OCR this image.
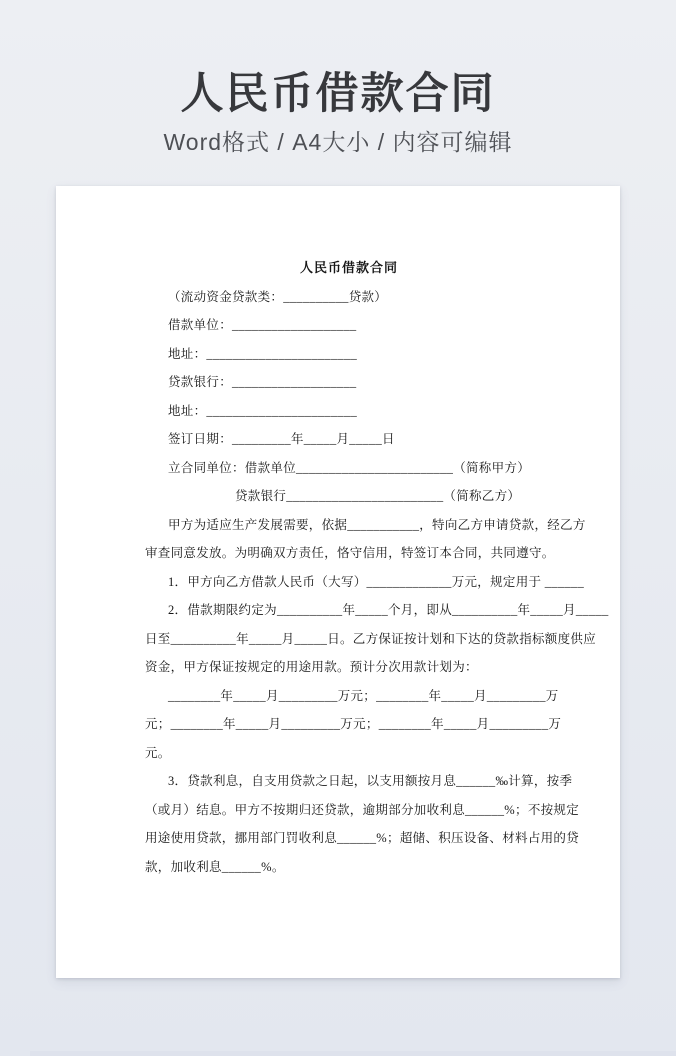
人民币借款合同

Word格式 / A4大小 / 内容可编辑

人民币借款合同
（流动资金贷款类：__________贷款）
借款单位：___________________
地址：_______________________
贷款银行：___________________
地址：_______________________
签订日期：_________年_____月_____日
立合同单位：借款单位________________________（简称甲方）
贷款银行________________________（简称乙方）
甲方为适应生产发展需要，依据___________，特向乙方申请贷款，经乙方
审查同意发放。为明确双方责任，恪守信用，特签订本合同，共同遵守。
1．甲方向乙方借款人民币（大写）_____________万元，规定用于 ______
2．借款期限约定为__________年_____个月，即从__________年_____月_____
日至__________年_____月_____日。乙方保证按计划和下达的贷款指标额度供应
资金，甲方保证按规定的用途用款。预计分次用款计划为：
________年_____月_________万元；________年_____月_________万
元；________年_____月_________万元；________年_____月_________万
元。
3．贷款利息，自支用贷款之日起，以支用额按月息______‰计算，按季
（或月）结息。甲方不按期归还贷款，逾期部分加收利息______%；不按规定
用途使用贷款，挪用部门罚收利息______%；超储、积压设备、材料占用的贷
款，加收利息______%。
